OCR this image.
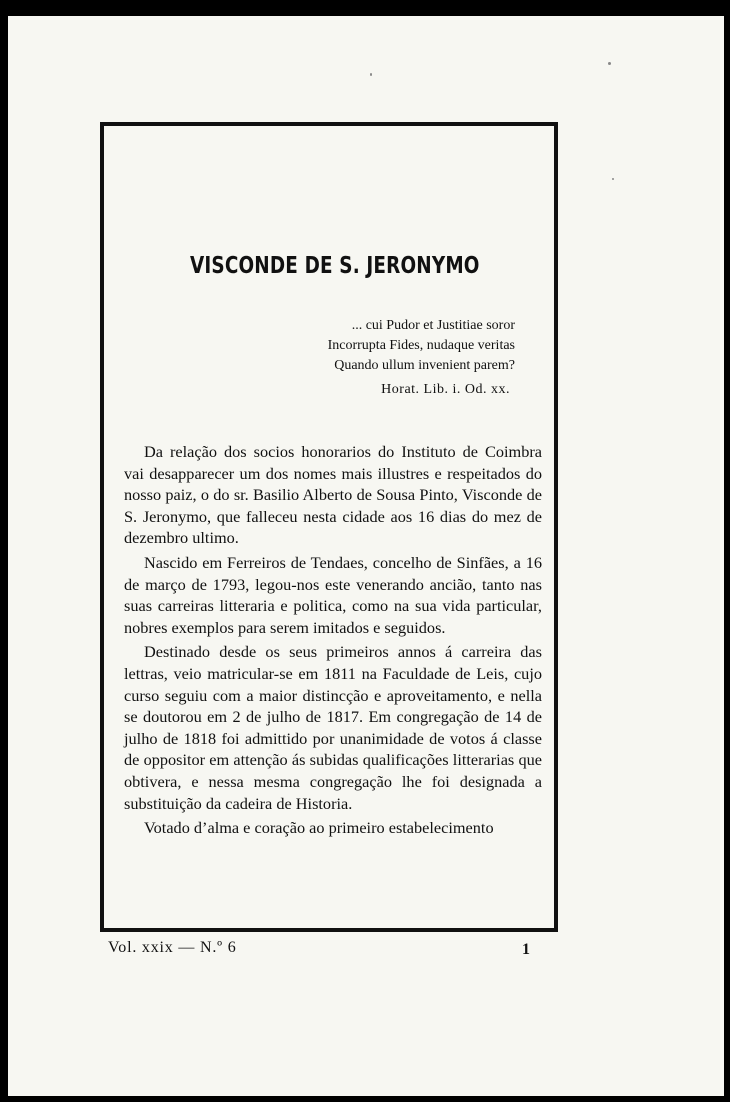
VISCONDE DE S. JERONYMO
... cui Pudor et Justitiae soror
Incorrupta Fides, nudaque veritas
Quando ullum invenient parem?
Horat. Lib. i. Od. xx.

Da relação dos socios honorarios do Instituto de Coimbra vai desapparecer um dos nomes mais illustres e respeitados do nosso paiz, o do sr. Basilio Alberto de Sousa Pinto, Visconde de S. Jeronymo, que falleceu nesta cidade aos 16 dias do mez de dezembro ultimo.

Nascido em Ferreiros de Tendaes, concelho de Sinfães, a 16 de março de 1793, legou-nos este venerando ancião, tanto nas suas carreiras litteraria e politica, como na sua vida particular, nobres exemplos para serem imitados e seguidos.

Destinado desde os seus primeiros annos á carreira das lettras, veio matricular-se em 1811 na Faculdade de Leis, cujo curso seguiu com a maior distincção e aproveitamento, e nella se doutorou em 2 de julho de 1817. Em congregação de 14 de julho de 1818 foi admittido por unanimidade de votos á classe de oppositor em attenção ás subidas qualificações litterarias que obtivera, e nessa mesma congregação lhe foi designada a substituição da cadeira de Historia.

Votado d’alma e coração ao primeiro estabelecimento

Vol. xxix — N.º 6	1
